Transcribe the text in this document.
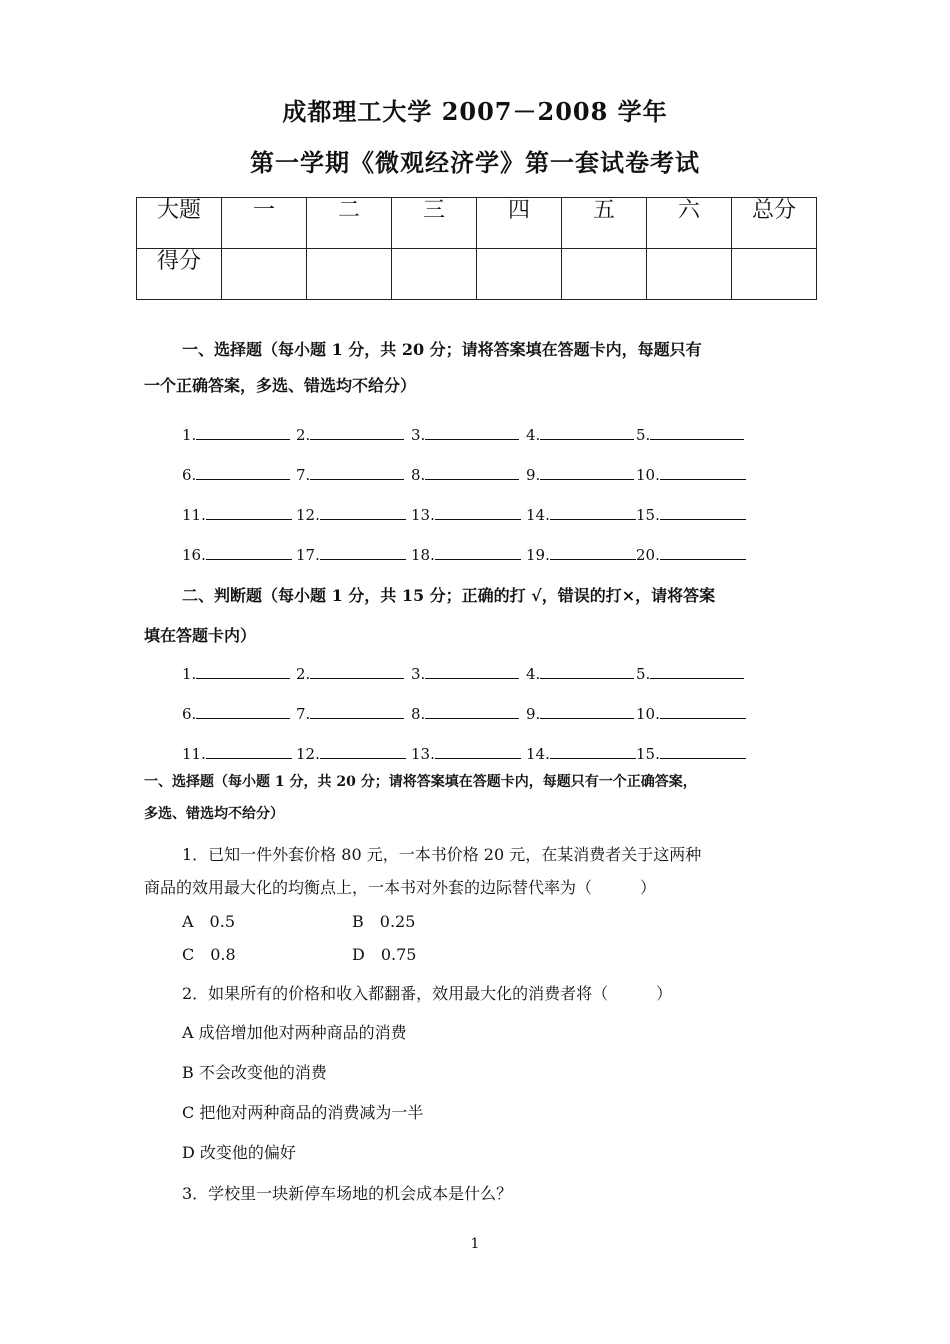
成都理工大学 2007－2008 学年
第一学期《微观经济学》第一套试卷考试
大题	一	二	三	四	五	六	总分
得分							
一、选择题（每小题 1 分，共 20 分；请将答案填在答题卡内，每题只有
一个正确答案，多选、错选均不给分）
1.	2.	3.	4.	5.
6.	7.	8.	9.	10.
11.	12.	13.	14.	15.
16.	17.	18.	19.	20.
二、判断题（每小题 1 分，共 15 分；正确的打 √，错误的打×，请将答案
填在答题卡内）
1.	2.	3.	4.	5.
6.	7.	8.	9.	10.
11.	12.	13.	14.	15.
一、选择题（每小题 1 分，共 20 分；请将答案填在答题卡内，每题只有一个正确答案，
多选、错选均不给分）
1．已知一件外套价格 80 元，一本书价格 20 元，在某消费者关于这两种
商品的效用最大化的均衡点上，一本书对外套的边际替代率为（　　　）
A　0.5	B　0.25
C　0.8	D　0.75
2．如果所有的价格和收入都翻番，效用最大化的消费者将（　　　）
A 成倍增加他对两种商品的消费
B 不会改变他的消费
C 把他对两种商品的消费减为一半
D 改变他的偏好
3．学校里一块新停车场地的机会成本是什么？
1
